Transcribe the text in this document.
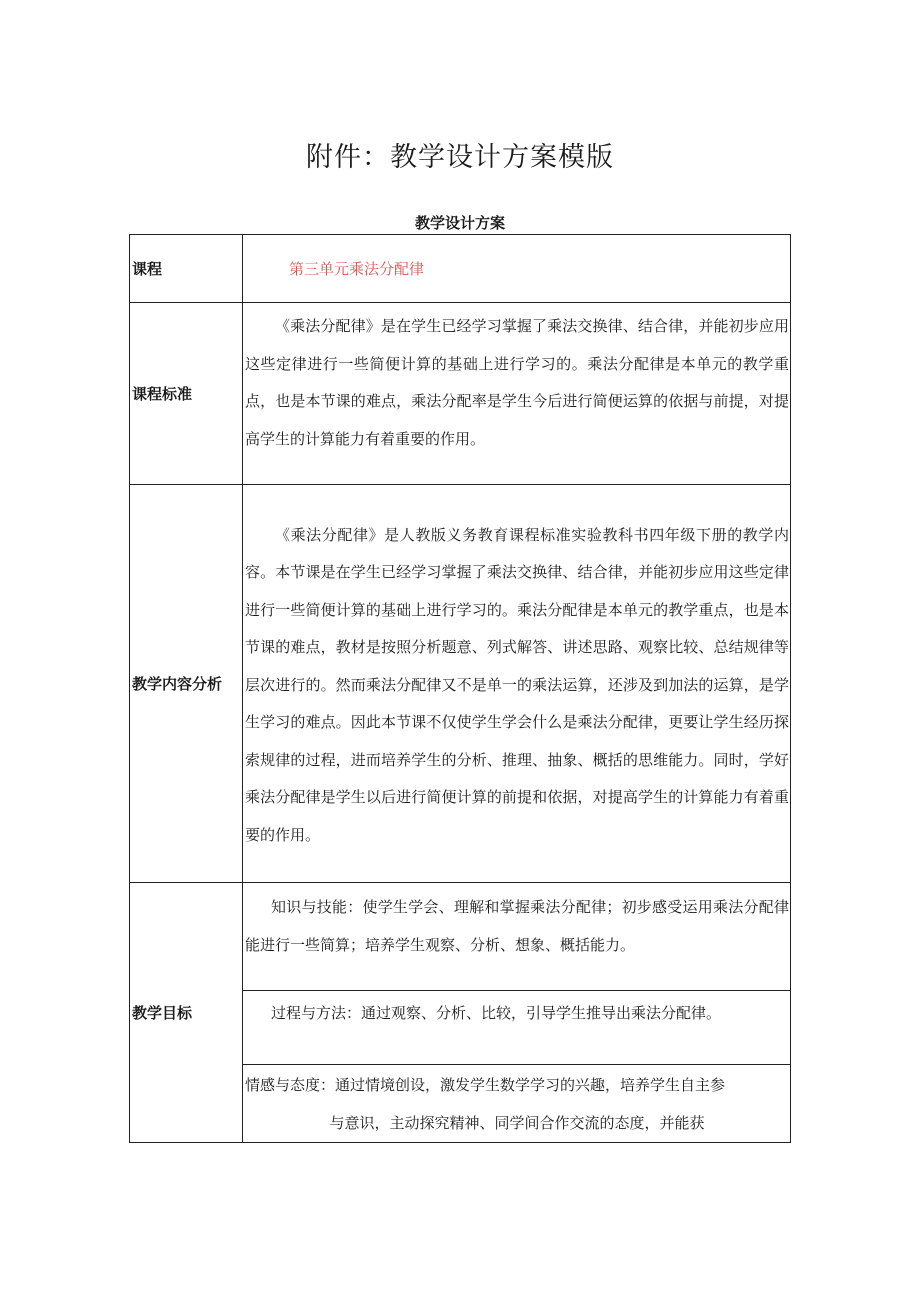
附件：教学设计方案模版
教学设计方案
课程	第三单元乘法分配律
课程标准	《乘法分配律》是在学生已经学习掌握了乘法交换律、结合律，并能初步应用这些定律进行一些简便计算的基础上进行学习的。乘法分配律是本单元的教学重点，也是本节课的难点，乘法分配率是学生今后进行简便运算的依据与前提，对提高学生的计算能力有着重要的作用。

教学内容分析	《乘法分配律》是人教版义务教育课程标准实验教科书四年级下册的教学内容。本节课是在学生已经学习掌握了乘法交换律、结合律，并能初步应用这些定律进行一些简便计算的基础上进行学习的。乘法分配律是本单元的教学重点，也是本节课的难点，教材是按照分析题意、列式解答、讲述思路、观察比较、总结规律等层次进行的。然而乘法分配律又不是单一的乘法运算，还涉及到加法的运算，是学生学习的难点。因此本节课不仅使学生学会什么是乘法分配律，更要让学生经历探索规律的过程，进而培养学生的分析、推理、抽象、概括的思维能力。同时，学好乘法分配律是学生以后进行简便计算的前提和依据，对提高学生的计算能力有着重要的作用。

教学目标	知识与技能：使学生学会、理解和掌握乘法分配律；初步感受运用乘法分配律能进行一些简算；培养学生观察、分析、想象、概括能力。

	过程与方法：通过观察、分析、比较，引导学生推导出乘法分配律。

	情感与态度：通过情境创设，激发学生数学学习的兴趣，培养学生自主参
与意识，主动探究精神、同学间合作交流的态度，并能获
